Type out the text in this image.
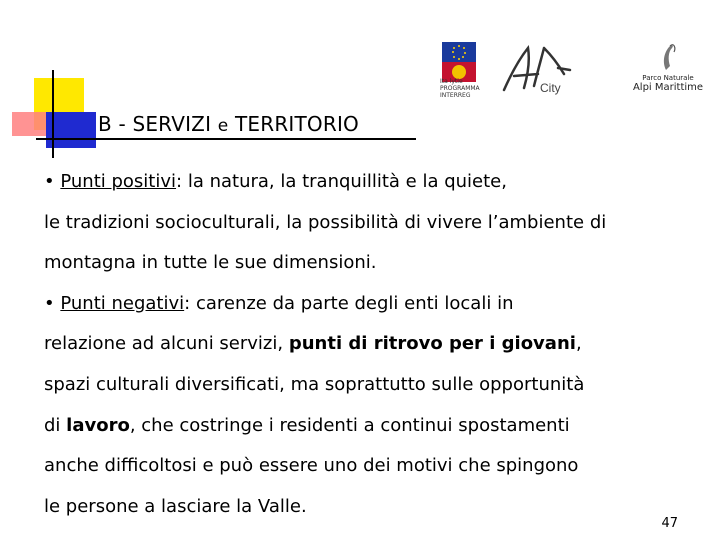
B - SERVIZI e TERRITORIO
Ita lytie
PROGRAMMA INTERREG
City
Parco Naturale
Alpi Marittime

• Punti positivi: la natura, la tranquillità e la quiete,

le tradizioni socioculturali, la possibilità di vivere l’ambiente di

montagna in tutte le sue dimensioni.

• Punti negativi: carenze da parte degli enti locali in

relazione ad alcuni servizi, punti di ritrovo per i giovani,

spazi culturali diversificati, ma soprattutto sulle opportunità

di lavoro, che costringe i residenti a continui spostamenti

anche difficoltosi e può essere uno dei motivi che spingono

le persone a lasciare la Valle.

47
